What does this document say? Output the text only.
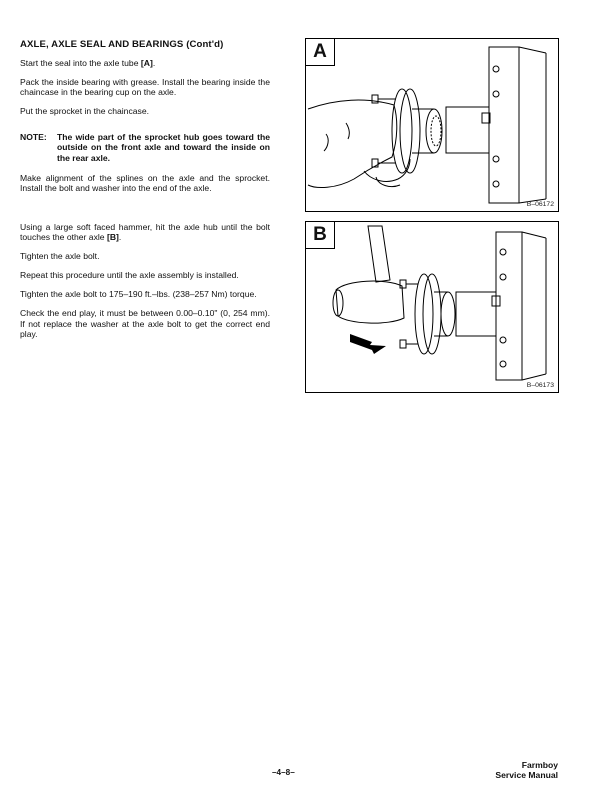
AXLE, AXLE SEAL AND BEARINGS (Cont'd)

Start the seal into the axle tube [A].

Pack the inside bearing with grease. Install the bearing inside the chaincase in the bearing cup on the axle.

Put the sprocket in the chaincase.

NOTE: The wide part of the sprocket hub goes toward the outside on the front axle and toward the inside on the rear axle.

Make alignment of the splines on the axle and the sprocket. Install the bolt and washer into the end of the axle.

Using a large soft faced hammer, hit the axle hub until the bolt touches the other axle [B].

Tighten the axle bolt.

Repeat this procedure until the axle assembly is installed.

Tighten the axle bolt to 175–190 ft.–lbs. (238–257 Nm) torque.

Check the end play, it must be between 0.00–0.10" (0, 254 mm). If not replace the washer at the axle bolt to get the correct end play.

A
B–06172
B
B–06173
–4–8–
Farmboy
Service Manual
